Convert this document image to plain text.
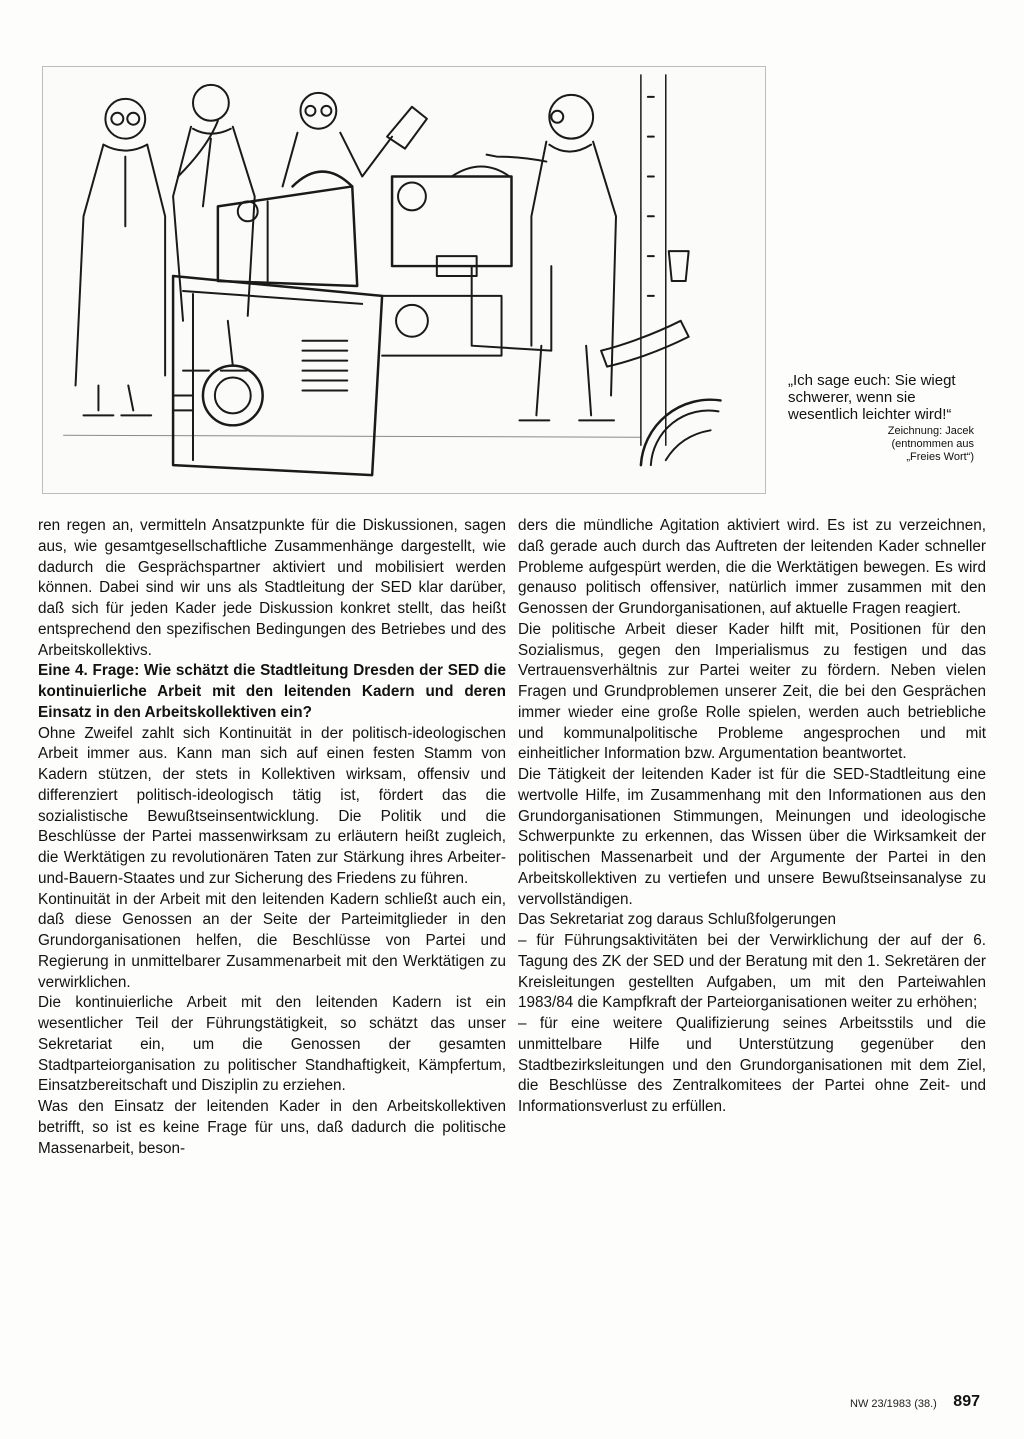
„Ich sage euch: Sie wiegt schwerer, wenn sie wesentlich leichter wird!“

Zeichnung: Jacek
(entnommen aus
„Freies Wort“)

ren regen an, vermitteln Ansatzpunkte für die Diskussionen, sagen aus, wie gesamtgesellschaftliche Zusammenhänge dargestellt, wie dadurch die Gesprächspartner aktiviert und mobilisiert werden können. Dabei sind wir uns als Stadtleitung der SED klar darüber, daß sich für jeden Kader jede Diskussion konkret stellt, das heißt entsprechend den spezifischen Bedingungen des Betriebes und des Arbeitskollektivs.

Eine 4. Frage: Wie schätzt die Stadtleitung Dresden der SED die kontinuierliche Arbeit mit den leitenden Kadern und deren Einsatz in den Arbeitskollektiven ein?

Ohne Zweifel zahlt sich Kontinuität in der politisch-ideologischen Arbeit immer aus. Kann man sich auf einen festen Stamm von Kadern stützen, der stets in Kollektiven wirksam, offensiv und differenziert politisch-ideologisch tätig ist, fördert das die sozialistische Bewußtseinsentwicklung. Die Politik und die Beschlüsse der Partei massenwirksam zu erläutern heißt zugleich, die Werktätigen zu revolutionären Taten zur Stärkung ihres Arbeiter-und-Bauern-Staates und zur Sicherung des Friedens zu führen.

Kontinuität in der Arbeit mit den leitenden Kadern schließt auch ein, daß diese Genossen an der Seite der Parteimitglieder in den Grundorganisationen helfen, die Beschlüsse von Partei und Regierung in unmittelbarer Zusammenarbeit mit den Werktätigen zu verwirklichen.

Die kontinuierliche Arbeit mit den leitenden Kadern ist ein wesentlicher Teil der Führungstätigkeit, so schätzt das unser Sekretariat ein, um die Genossen der gesamten Stadtparteiorganisation zu politischer Standhaftigkeit, Kämpfertum, Einsatzbereitschaft und Disziplin zu erziehen.

Was den Einsatz der leitenden Kader in den Arbeitskollektiven betrifft, so ist es keine Frage für uns, daß dadurch die politische Massenarbeit, beson-

ders die mündliche Agitation aktiviert wird. Es ist zu verzeichnen, daß gerade auch durch das Auftreten der leitenden Kader schneller Probleme aufgespürt werden, die die Werktätigen bewegen. Es wird genauso politisch offensiver, natürlich immer zusammen mit den Genossen der Grundorganisationen, auf aktuelle Fragen reagiert.

Die politische Arbeit dieser Kader hilft mit, Positionen für den Sozialismus, gegen den Imperialismus zu festigen und das Vertrauensverhältnis zur Partei weiter zu fördern. Neben vielen Fragen und Grundproblemen unserer Zeit, die bei den Gesprächen immer wieder eine große Rolle spielen, werden auch betriebliche und kommunalpolitische Probleme angesprochen und mit einheitlicher Information bzw. Argumentation beantwortet.

Die Tätigkeit der leitenden Kader ist für die SED-Stadtleitung eine wertvolle Hilfe, im Zusammenhang mit den Informationen aus den Grundorganisationen Stimmungen, Meinungen und ideologische Schwerpunkte zu erkennen, das Wissen über die Wirksamkeit der politischen Massenarbeit und der Argumente der Partei in den Arbeitskollektiven zu vertiefen und unsere Bewußtseinsanalyse zu vervollständigen.

Das Sekretariat zog daraus Schlußfolgerungen

– für Führungsaktivitäten bei der Verwirklichung der auf der 6. Tagung des ZK der SED und der Beratung mit den 1. Sekretären der Kreisleitungen gestellten Aufgaben, um mit den Parteiwahlen 1983/84 die Kampfkraft der Parteiorganisationen weiter zu erhöhen;

– für eine weitere Qualifizierung seines Arbeitsstils und die unmittelbare Hilfe und Unterstützung gegenüber den Stadtbezirksleitungen und den Grundorganisationen mit dem Ziel, die Beschlüsse des Zentralkomitees der Partei ohne Zeit- und Informationsverlust zu erfüllen.

NW 23/1983 (38.) 897
